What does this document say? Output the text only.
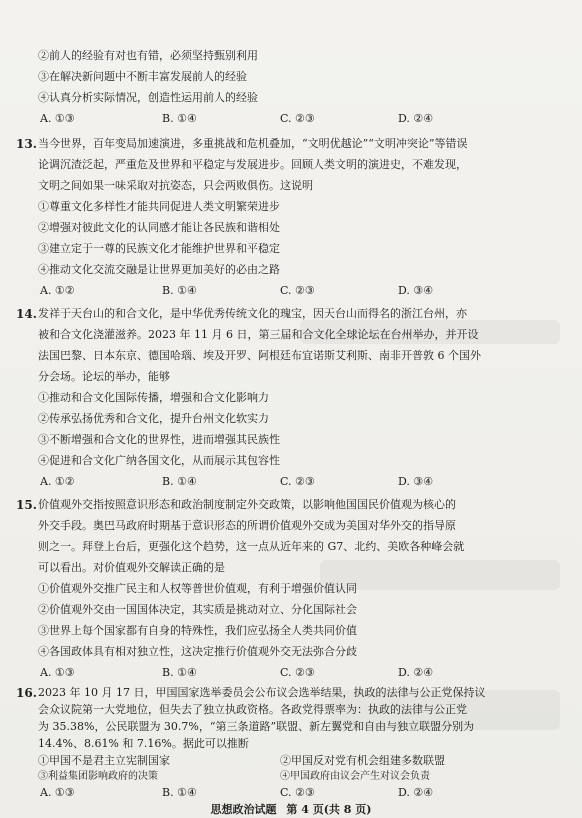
②前人的经验有对也有错，必须坚持甄别利用
③在解决新问题中不断丰富发展前人的经验
④认真分析实际情况，创造性运用前人的经验
A. ①③	B. ①④	C. ②③	D. ②④
13. 当今世界，百年变局加速演进，多重挑战和危机叠加，“文明优越论”“文明冲突论”等错误
论调沉渣泛起，严重危及世界和平稳定与发展进步。回顾人类文明的演进史，不难发现，
文明之间如果一味采取对抗姿态，只会两败俱伤。这说明
①尊重文化多样性才能共同促进人类文明繁荣进步
②增强对彼此文化的认同感才能让各民族和谐相处
③建立定于一尊的民族文化才能维护世界和平稳定
④推动文化交流交融是让世界更加美好的必由之路
A. ①②	B. ①④	C. ②③	D. ③④
14. 发祥于天台山的和合文化，是中华优秀传统文化的瑰宝，因天台山而得名的浙江台州，亦
被和合文化浇灌滋养。2023 年 11 月 6 日，第三届和合文化全球论坛在台州举办，并开设
法国巴黎、日本东京、德国哈瑙、埃及开罗、阿根廷布宜诺斯艾利斯、南非开普敦 6 个国外
分会场。论坛的举办，能够
①推动和合文化国际传播，增强和合文化影响力
②传承弘扬优秀和合文化，提升台州文化软实力
③不断增强和合文化的世界性，进而增强其民族性
④促进和合文化广纳各国文化，从而展示其包容性
A. ①②	B. ①④	C. ②③	D. ③④
15. 价值观外交指按照意识形态和政治制度制定外交政策，以影响他国国民价值观为核心的
外交手段。奥巴马政府时期基于意识形态的所谓价值观外交成为美国对华外交的指导原
则之一。拜登上台后，更强化这个趋势，这一点从近年来的 G7、北约、美欧各种峰会就
可以看出。对价值观外交解读正确的是
①价值观外交推广民主和人权等普世价值观，有利于增强价值认同
②价值观外交由一国国体决定，其实质是挑动对立、分化国际社会
③世界上每个国家都有自身的特殊性，我们应弘扬全人类共同价值
④各国政体具有相对独立性，这决定推行价值观外交无法弥合分歧
A. ①③	B. ①④	C. ②③	D. ②④
16. 2023 年 10 月 17 日，甲国国家选举委员会公布议会选举结果，执政的法律与公正党保持议
会众议院第一大党地位，但失去了独立执政资格。各政党得票率为：执政的法律与公正党
为 35.38%，公民联盟为 30.7%，“第三条道路”联盟、新左翼党和自由与独立联盟分别为
14.4%、8.61% 和 7.16%。据此可以推断
①甲国不是君主立宪制国家	②甲国反对党有机会组建多数联盟
③利益集团影响政府的决策	④甲国政府由议会产生对议会负责
A. ①③	B. ①④	C. ②③	D. ②④
思想政治试题 第 4 页(共 8 页)
